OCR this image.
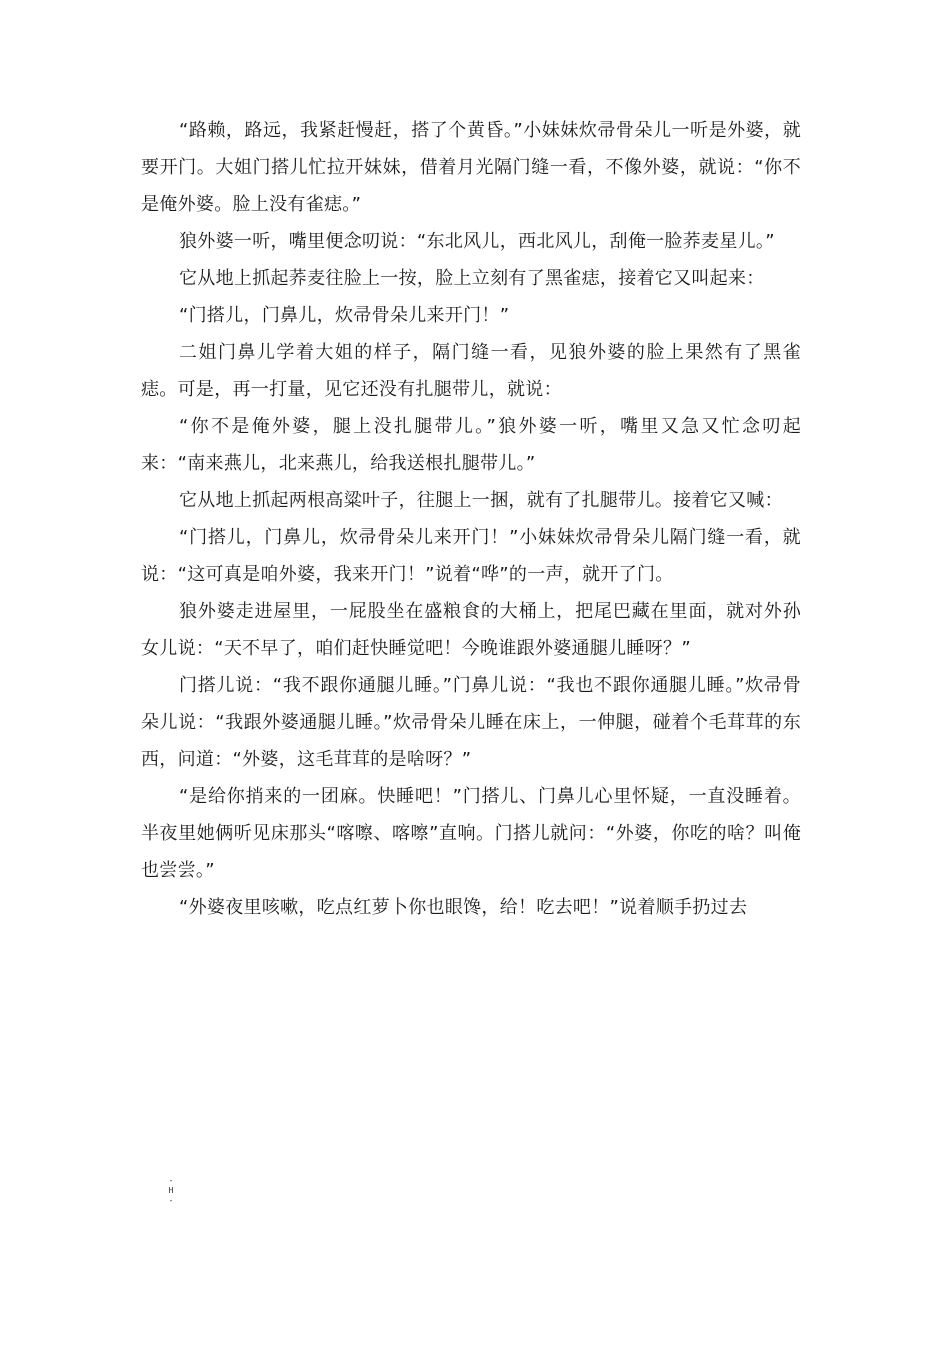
“路赖，路远，我紧赶慢赶，搭了个黄昏。”小妹妹炊帚骨朵儿一听是外婆，就要开门。大姐门搭儿忙拉开妹妹，借着月光隔门缝一看，不像外婆，就说：“你不是俺外婆。脸上没有雀痣。”

狼外婆一听，嘴里便念叨说：“东北风儿，西北风儿，刮俺一脸荞麦星儿。”

它从地上抓起荞麦往脸上一按，脸上立刻有了黑雀痣，接着它又叫起来：

“门搭儿，门鼻儿，炊帚骨朵儿来开门！”

二姐门鼻儿学着大姐的样子，隔门缝一看，见狼外婆的脸上果然有了黑雀痣。可是，再一打量，见它还没有扎腿带儿，就说：

“你不是俺外婆，腿上没扎腿带儿。”狼外婆一听，嘴里又急又忙念叨起来：“南来燕儿，北来燕儿，给我送根扎腿带儿。”

它从地上抓起两根高粱叶子，往腿上一捆，就有了扎腿带儿。接着它又喊：

“门搭儿，门鼻儿，炊帚骨朵儿来开门！”小妹妹炊帚骨朵儿隔门缝一看，就说：“这可真是咱外婆，我来开门！”说着“哗”的一声，就开了门。

狼外婆走进屋里，一屁股坐在盛粮食的大桶上，把尾巴藏在里面，就对外孙女儿说：“天不早了，咱们赶快睡觉吧！今晚谁跟外婆通腿儿睡呀？”

门搭儿说：“我不跟你通腿儿睡。”门鼻儿说：“我也不跟你通腿儿睡。”炊帚骨朵儿说：“我跟外婆通腿儿睡。”炊帚骨朵儿睡在床上，一伸腿，碰着个毛茸茸的东西，问道：“外婆，这毛茸茸的是啥呀？”

“是给你捎来的一团麻。快睡吧！”门搭儿、门鼻儿心里怀疑，一直没睡着。半夜里她俩听见床那头“喀嚓、喀嚓”直响。门搭儿就问：“外婆，你吃的啥？叫俺也尝尝。”

“外婆夜里咳嗽，吃点红萝卜你也眼馋，给！吃去吧！”说着顺手扔过去

-
H
-
